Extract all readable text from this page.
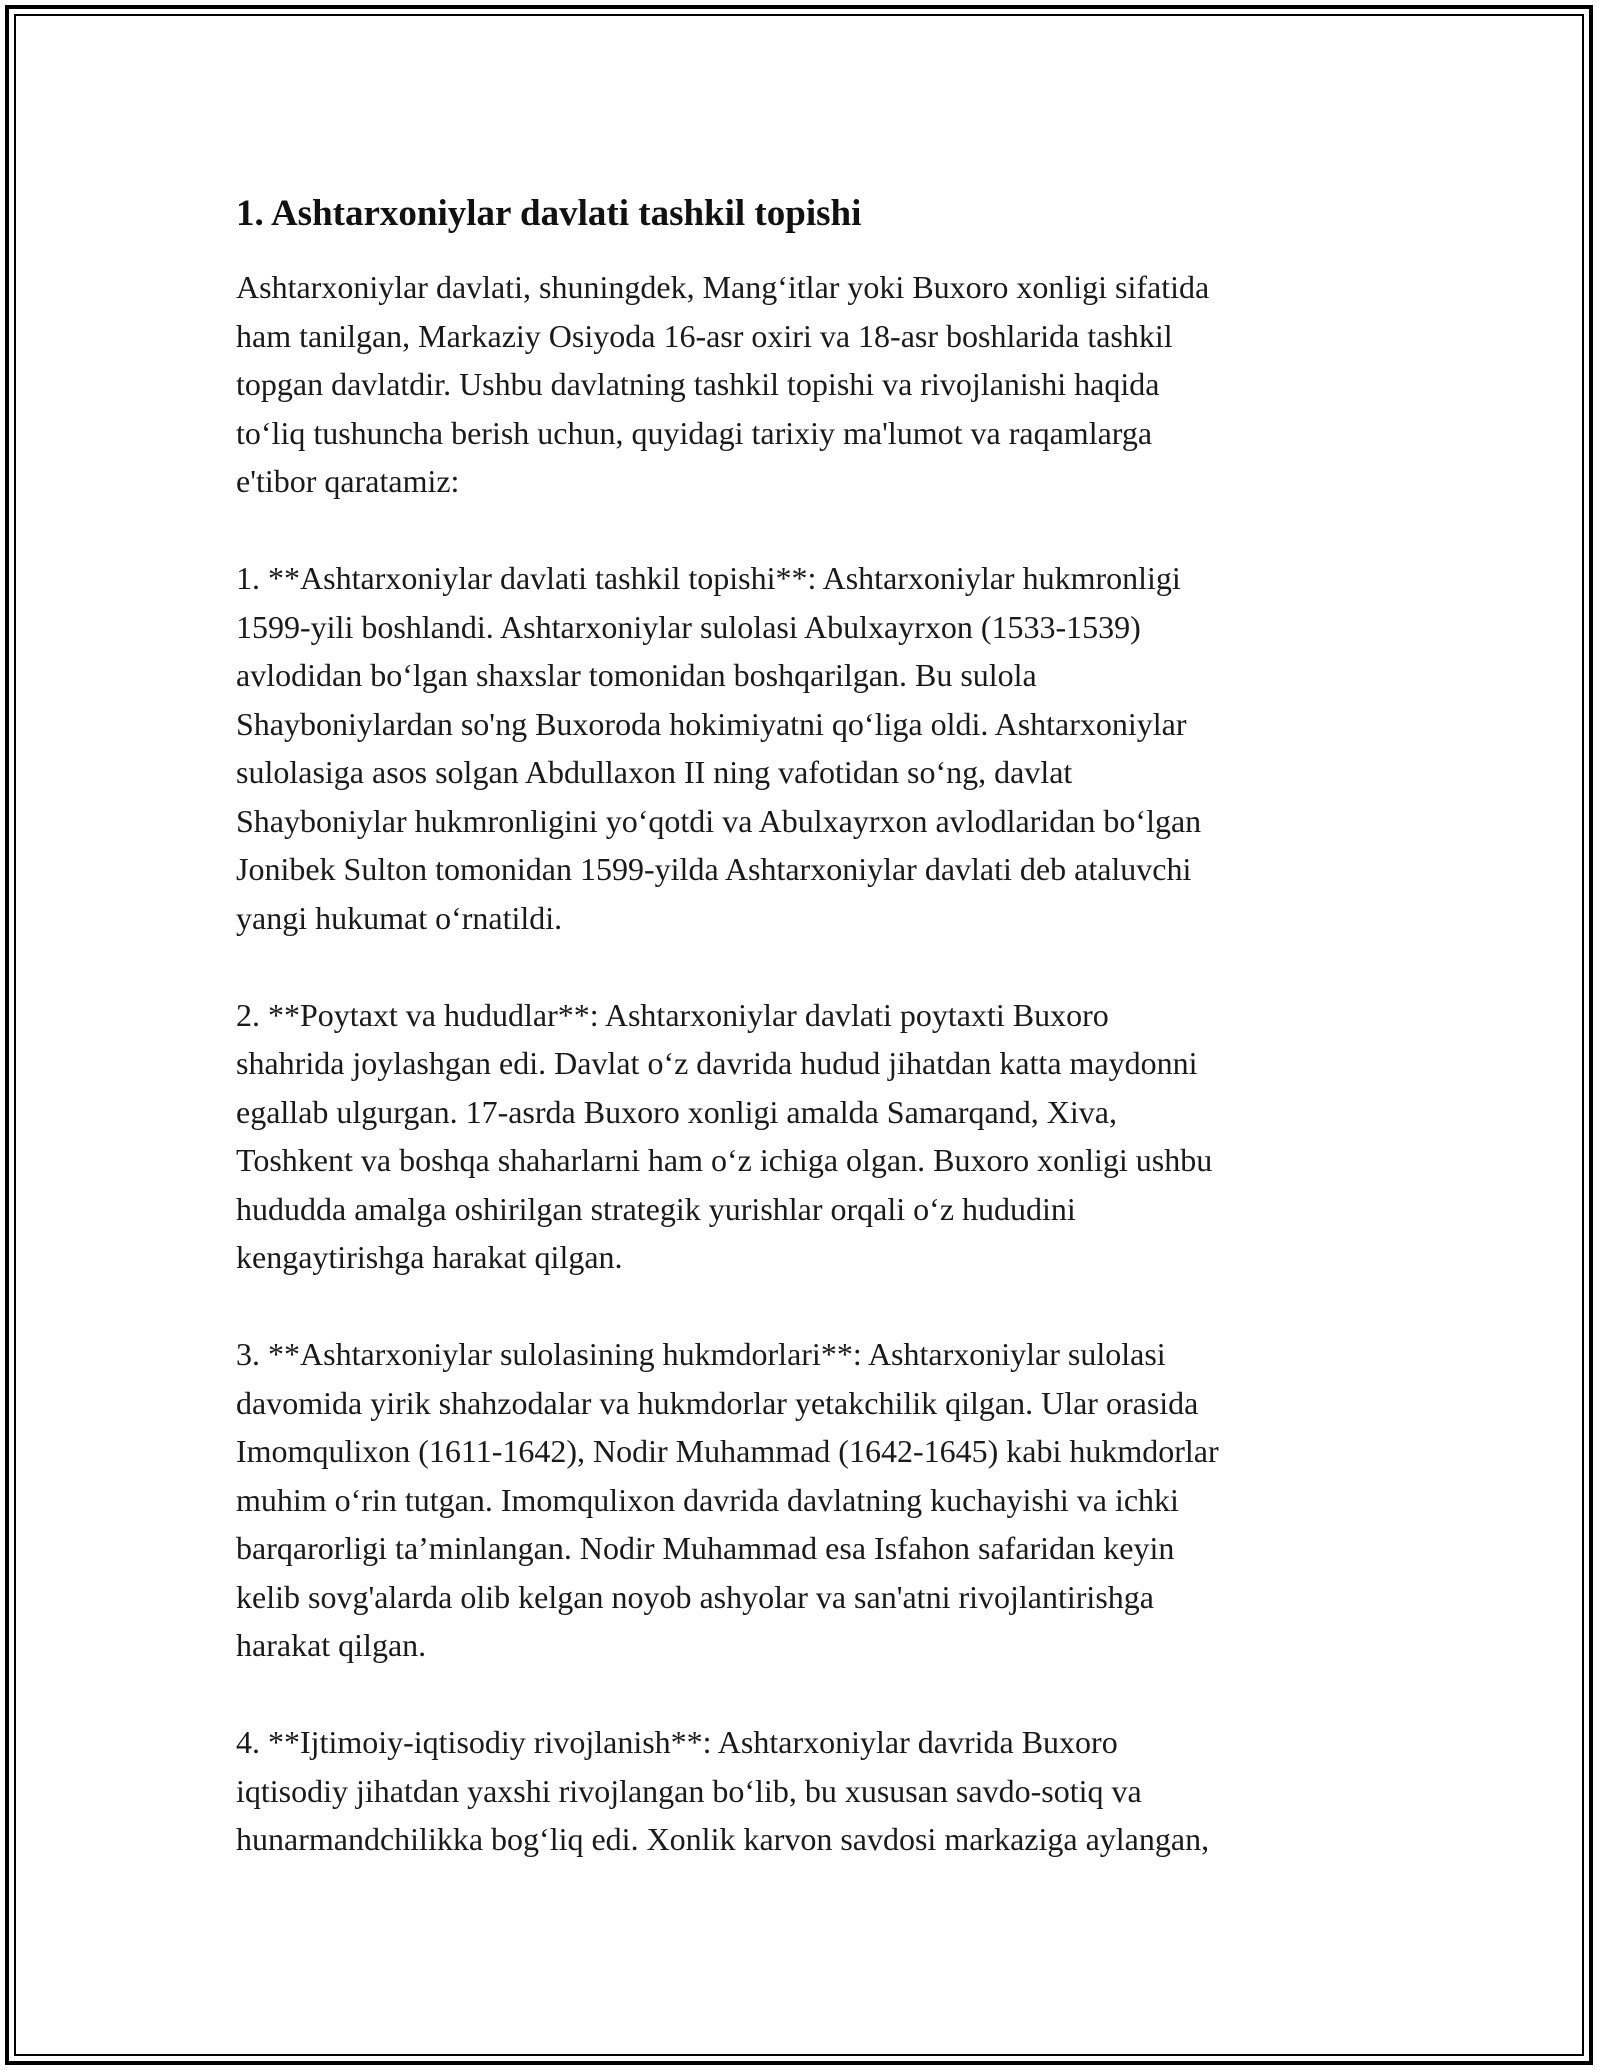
1. Ashtarxoniylar davlati tashkil topishi

Ashtarxoniylar davlati, shuningdek, Mang‘itlar yoki Buxoro xonligi sifatida
ham tanilgan, Markaziy Osiyoda 16-asr oxiri va 18-asr boshlarida tashkil
topgan davlatdir. Ushbu davlatning tashkil topishi va rivojlanishi haqida
to‘liq tushuncha berish uchun, quyidagi tarixiy ma'lumot va raqamlarga
e'tibor qaratamiz:

1. **Ashtarxoniylar davlati tashkil topishi**: Ashtarxoniylar hukmronligi
1599-yili boshlandi. Ashtarxoniylar sulolasi Abulxayrxon (1533-1539)
avlodidan bo‘lgan shaxslar tomonidan boshqarilgan. Bu sulola
Shayboniylardan so'ng Buxoroda hokimiyatni qo‘liga oldi. Ashtarxoniylar
sulolasiga asos solgan Abdullaxon II ning vafotidan so‘ng, davlat
Shayboniylar hukmronligini yo‘qotdi va Abulxayrxon avlodlaridan bo‘lgan
Jonibek Sulton tomonidan 1599-yilda Ashtarxoniylar davlati deb ataluvchi
yangi hukumat o‘rnatildi.

2. **Poytaxt va hududlar**: Ashtarxoniylar davlati poytaxti Buxoro
shahrida joylashgan edi. Davlat o‘z davrida hudud jihatdan katta maydonni
egallab ulgurgan. 17-asrda Buxoro xonligi amalda Samarqand, Xiva,
Toshkent va boshqa shaharlarni ham o‘z ichiga olgan. Buxoro xonligi ushbu
hududda amalga oshirilgan strategik yurishlar orqali o‘z hududini
kengaytirishga harakat qilgan.

3. **Ashtarxoniylar sulolasining hukmdorlari**: Ashtarxoniylar sulolasi
davomida yirik shahzodalar va hukmdorlar yetakchilik qilgan. Ular orasida
Imomqulixon (1611-1642), Nodir Muhammad (1642-1645) kabi hukmdorlar
muhim o‘rin tutgan. Imomqulixon davrida davlatning kuchayishi va ichki
barqarorligi ta’minlangan. Nodir Muhammad esa Isfahon safaridan keyin
kelib sovg'alarda olib kelgan noyob ashyolar va san'atni rivojlantirishga
harakat qilgan.

4. **Ijtimoiy-iqtisodiy rivojlanish**: Ashtarxoniylar davrida Buxoro
iqtisodiy jihatdan yaxshi rivojlangan bo‘lib, bu xususan savdo-sotiq va
hunarmandchilikka bog‘liq edi. Xonlik karvon savdosi markaziga aylangan,
